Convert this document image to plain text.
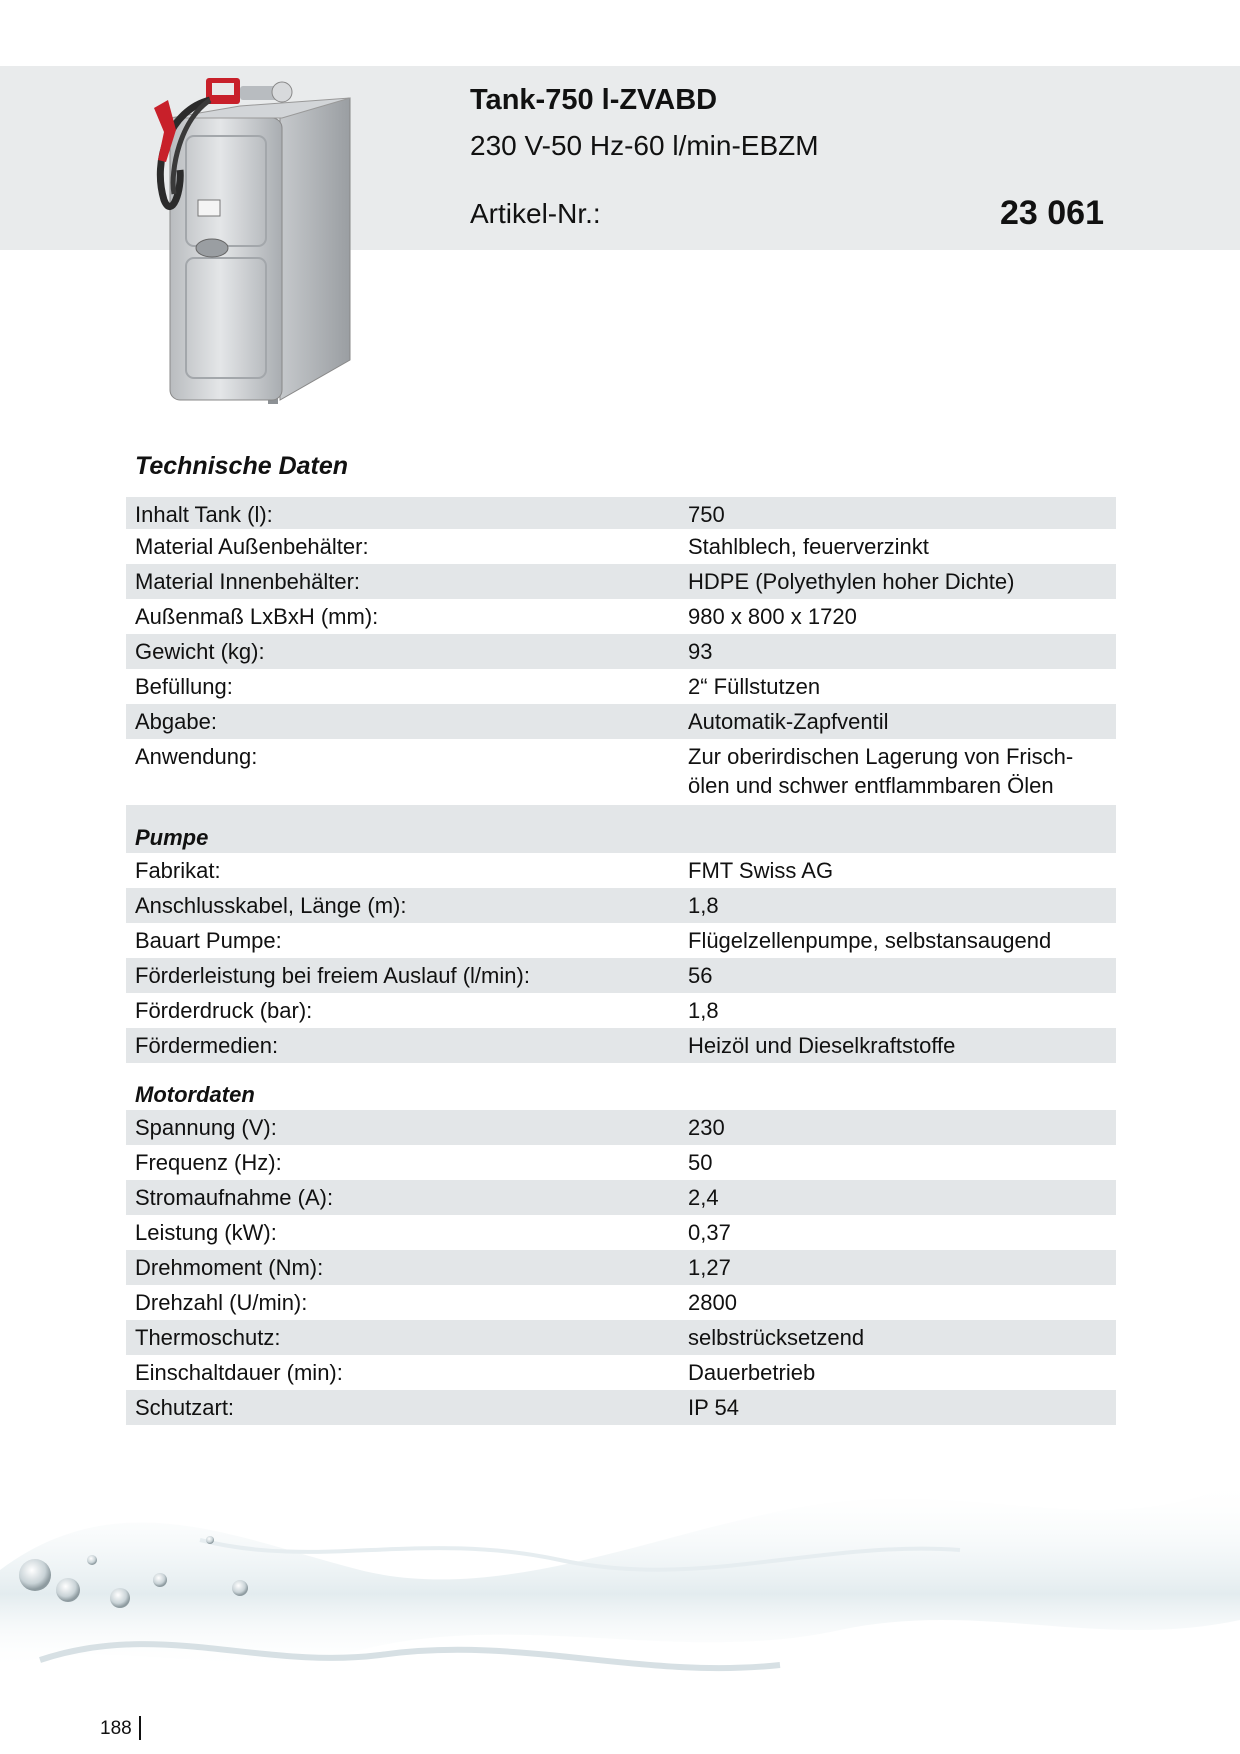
Tank-750 l-ZVABD
230 V-50 Hz-60 l/min-EBZM
Artikel-Nr.:	23 061
Technische Daten
Inhalt Tank (l):	750
Material Außenbehälter:	Stahlblech, feuerverzinkt
Material Innenbehälter:	HDPE (Polyethylen hoher Dichte)
Außenmaß LxBxH (mm):	980 x 800 x 1720
Gewicht (kg):	93
Befüllung:	2“ Füllstutzen
Abgabe:	Automatik-Zapfventil
Anwendung:	Zur oberirdischen Lagerung von Frisch-
ölen und schwer entflammbaren Ölen
Pumpe
Fabrikat:	FMT Swiss AG
Anschlusskabel, Länge (m):	1,8
Bauart Pumpe:	Flügelzellenpumpe, selbstansaugend
Förderleistung bei freiem Auslauf (l/min):	56
Förderdruck (bar):	1,8
Fördermedien:	Heizöl und Dieselkraftstoffe
Motordaten
Spannung (V):	230
Frequenz (Hz):	50
Stromaufnahme (A):	2,4
Leistung (kW):	0,37
Drehmoment (Nm):	1,27
Drehzahl (U/min):	2800
Thermoschutz:	selbstrücksetzend
Einschaltdauer (min):	Dauerbetrieb
Schutzart:	IP 54
188
